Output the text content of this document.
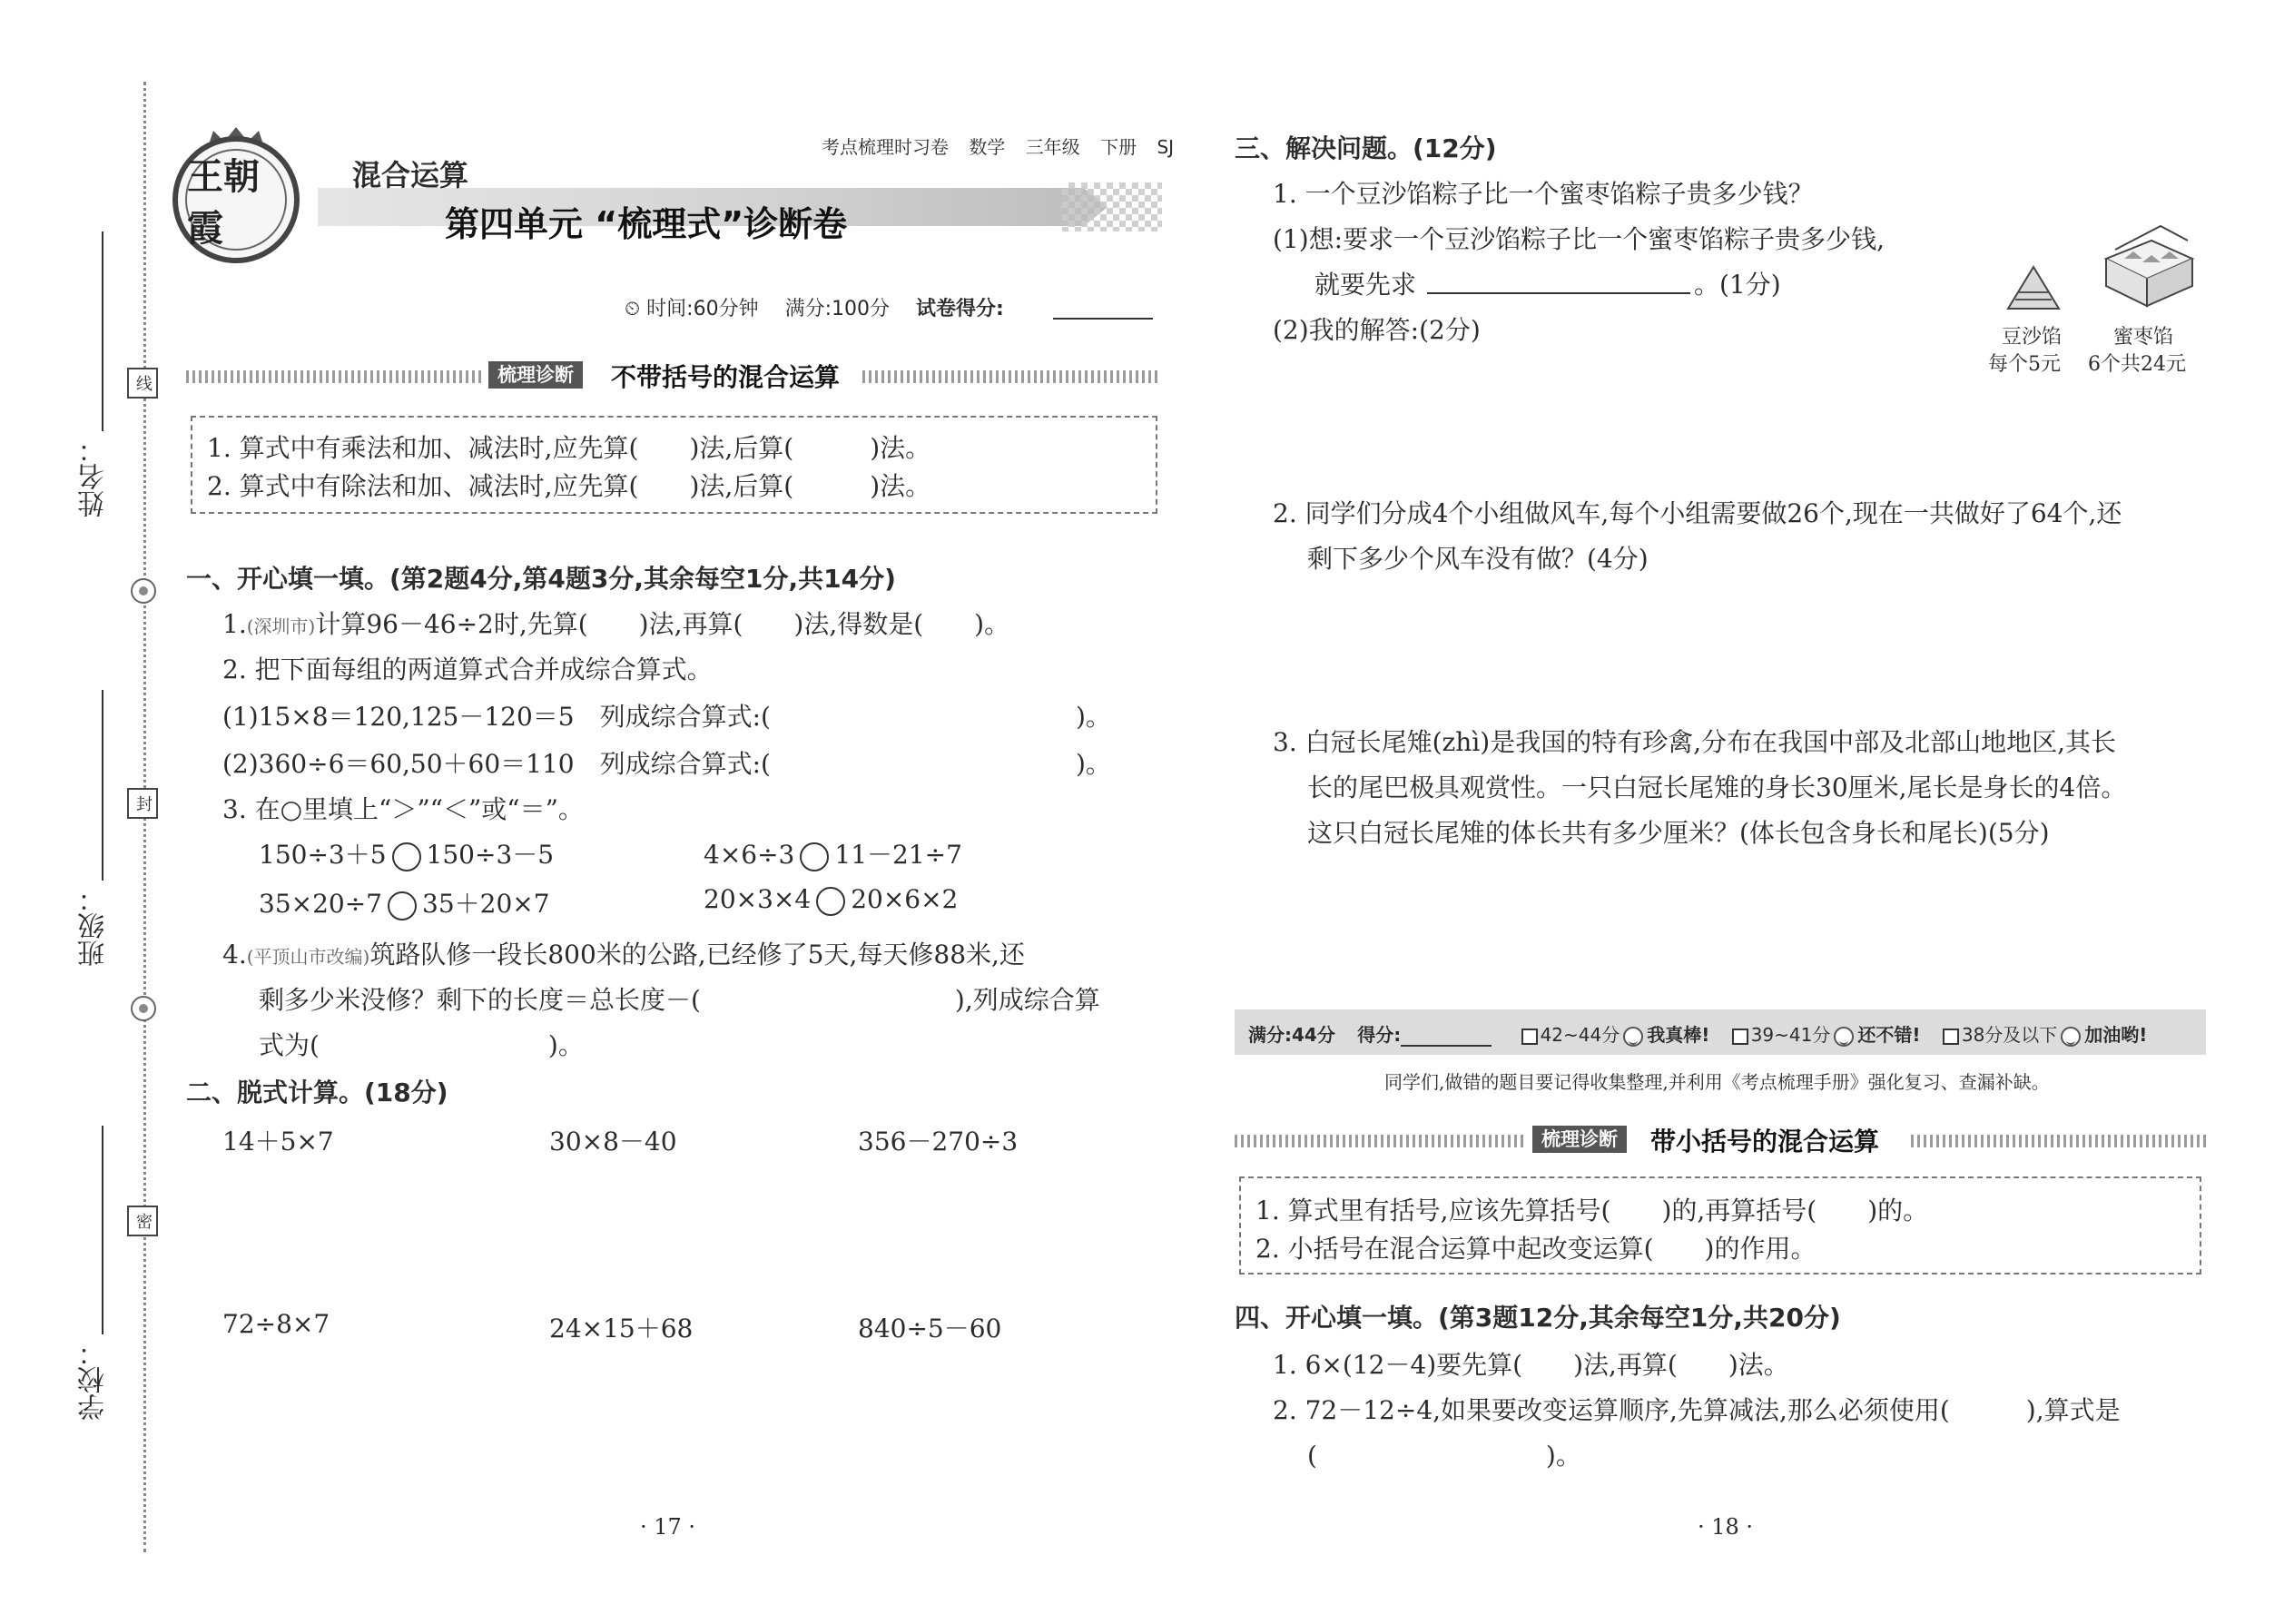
姓名：
班级：
学校：
线
封
密
考点梳理时习卷 数学 三年级 下册 SJ
王朝霞
混合运算
第四单元 “梳理式”诊断卷
⏲ 时间:60分钟 满分:100分 试卷得分:
梳理诊断	不带括号的混合运算
1. 算式中有乘法和加、减法时,应先算(　　)法,后算(　　　)法。
2. 算式中有除法和加、减法时,应先算(　　)法,后算(　　　)法。
一、开心填一填。(第2题4分,第4题3分,其余每空1分,共14分)
1.(深圳市)计算96－46÷2时,先算(　　)法,再算(　　)法,得数是(　　)。
2. 把下面每组的两道算式合并成综合算式。
(1)15×8＝120,125－120＝5　列成综合算式:(　　　　　　　　　　　　)。
(2)360÷6＝60,50＋60＝110　列成综合算式:(　　　　　　　　　　　　)。
3. 在○里填上“＞”“＜”或“＝”。
150÷3＋5 150÷3－5	4×6÷3 11－21÷7
35×20÷7 35＋20×7	20×3×4 20×6×2
4.(平顶山市改编)筑路队修一段长800米的公路,已经修了5天,每天修88米,还
剩多少米没修？剩下的长度＝总长度－(　　　　　　　　　　),列成综合算
式为(　　　　　　　　　)。
二、脱式计算。(18分)
14＋5×7	30×8－40	356－270÷3
72÷8×7	24×15＋68	840÷5－60
· 17 ·
三、解决问题。(12分)
1. 一个豆沙馅粽子比一个蜜枣馅粽子贵多少钱？
(1)想:要求一个豆沙馅粽子比一个蜜枣馅粽子贵多少钱,
就要先求	。(1分)
(2)我的解答:(2分)	豆沙馅
每个5元
蜜枣馅
6个共24元
2. 同学们分成4个小组做风车,每个小组需要做26个,现在一共做好了64个,还
剩下多少个风车没有做？(4分)
3. 白冠长尾雉(zhì)是我国的特有珍禽,分布在我国中部及北部山地地区,其长
长的尾巴极具观赏性。一只白冠长尾雉的身长30厘米,尾长是身长的4倍。
这只白冠长尾雉的体长共有多少厘米？(体长包含身长和尾长)(5分)
满分:44分 得分:	42~44分 我真棒! 39~41分 还不错! 38分及以下 加油哟!
同学们,做错的题目要记得收集整理,并利用《考点梳理手册》强化复习、查漏补缺。
梳理诊断	带小括号的混合运算
1. 算式里有括号,应该先算括号(　　)的,再算括号(　　)的。
2. 小括号在混合运算中起改变运算(　　)的作用。
四、开心填一填。(第3题12分,其余每空1分,共20分)
1. 6×(12－4)要先算(　　)法,再算(　　)法。
2. 72－12÷4,如果要改变运算顺序,先算减法,那么必须使用(　　　),算式是
(　　　　　　　　　)。
· 18 ·
